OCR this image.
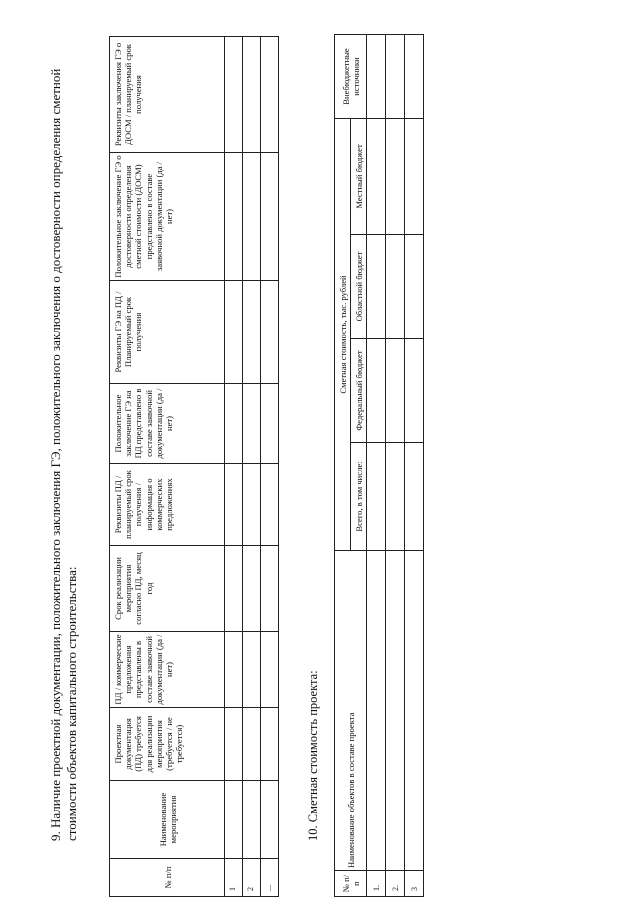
9. Наличие проектной документации, положительного заключения ГЭ, положительного заключения о достоверности определения сметной стоимости объектов капитального строительства:
№ п/п	Наименование мероприятия	Проектная документация (ПД) требуется для реализации мероприятия (требуется / не требуется)	ПД / коммерческие предложения представлены в составе заявочной документации (да / нет)	Срок реализации мероприятия согласно ПД, месяц год	Реквизиты ПД / планируемый срок получения / информация о коммерческих предложениях	Положительное заключение ГЭ на ПД представлено в составе заявочной документации (да / нет)	Реквизиты ГЭ на ПД / Планируемый срок получения	Положительное заключение ГЭ о достоверности определения сметной стоимости (ДОСМ) представлено в составе заявочной документации (да / нет)	Реквизиты заключения ГЭ о ДОСМ / планируемый срок получения
1									
2									
...									
10. Сметная стоимость проекта:
№ п/п	Наименование объектов в составе проекта	Сметная стоимость, тыс. рублей				Внебюджетные источники
		Всего, в том числе:	Федеральный бюджет	Областной бюджет	Местный бюджет	
1.						
2.						
3						
